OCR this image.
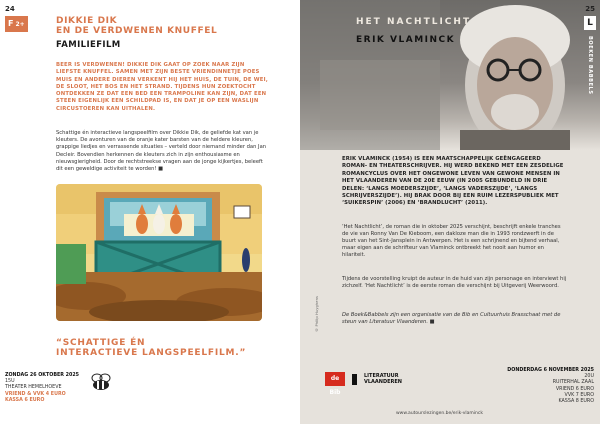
24
F 2+	DIKKIE DIK
EN DE VERDWENEN KNUFFEL
FAMILIEFILM
BEER IS VERDWENEN! DIKKIE DIK GAAT OP ZOEK NAAR ZIJN LIEFSTE KNUFFEL. SAMEN MET ZIJN BESTE VRIENDINNETJE POES MUIS EN ANDERE DIEREN VERKENT HIJ HET HUIS, DE TUIN, DE WEI, DE SLOOT, HET BOS EN HET STRAND. TIJDENS HUN ZOEKTOCHT ONTDEKKEN ZE DAT EEN BED EEN TRAMPOLINE KAN ZIJN, DAT EEN STEEN EIGENLIJK EEN SCHILDPAD IS, EN DAT JE OP EEN WASLIJN CIRCUSTOEREN KAN UITHALEN.
Schattige én interactieve langspeelfilm over Dikkie Dik, de geliefde kat van je kleuters. De avonturen van de oranje kater barsten van de heldere kleuren, grappige liedjes en verrassende situaties – verteld door niemand minder dan Jan Decleir. Bovendien herkennen de kleuters zich in zijn enthousiasme en nieuwsgierigheid. Door de rechtstreekse vragen aan de jonge kijkertjes, beleeft dit een geweldige activiteit te worden! ■
“SCHATTIGE ÉN
INTERACTIEVE LANGSPEELFILM.”
ZONDAG 26 OKTOBER 2025
15U
THEATER HEMELHOEVE
VRIEND & VVK 4 EURO
KASSA 6 EURO
HET NACHTLICHT
ERIK VLAMINCK
25
L
BOEKEN BABBELS
ERIK VLAMINCK (1954) IS EEN MAATSCHAPPELIJK GEËNGAGEERD ROMAN- EN THEATERSCHRIJVER. HIJ WERD BEKEND MET EEN ZESDELIGE ROMANCYCLUS OVER HET ONGEWONE LEVEN VAN GEWONE MENSEN IN HET VLAANDEREN VAN DE 20E EEUW (IN 2005 GEBUNDELD IN DRIE DELEN: ‘LANGS MOEDERSZIJDE’, ‘LANGS VADERSZIJDE’, ‘LANGS SCHRIJVERSZIJDE’). HIJ BRAK DOOR BIJ EEN RUIM LEZERSPUBLIEK MET ‘SUIKERSPIN’ (2006) EN ‘BRANDLUCHT’ (2011).
‘Het Nachtlicht’, de roman die in oktober 2025 verschijnt, beschrijft enkele tranches de vie van Ronny Van De Kieboom, een dakloze man die in 1993 rondzwerft in de buurt van het Sint-Jansplein in Antwerpen. Het is een schrijnend en bijtend verhaal, maar eigen aan de schrifteur van Vlaminck ontbreekt het nooit aan humor en hilariteit.
Tijdens de voorstelling kruipt de auteur in de huid van zijn personage en interviewt hij zichzelf. ‘Het Nachtlicht’ is de eerste roman die verschijnt bij Uitgeverij Weerwoord.
De Boek&Babbels zijn een organisatie van de Bib en Cultuurhuis Brasschaat met de steun van Literatuur Vlaanderen. ■
© Philip Huyghens
de Bib
LITERATUUR
VLAANDEREN
DONDERDAG 6 NOVEMBER 2025
20U
RUITERHAL ZAAL
VRIEND 6 EURO
VVK 7 EURO
KASSA 8 EURO
www.autourslezingen.be/erik-vlaminck
